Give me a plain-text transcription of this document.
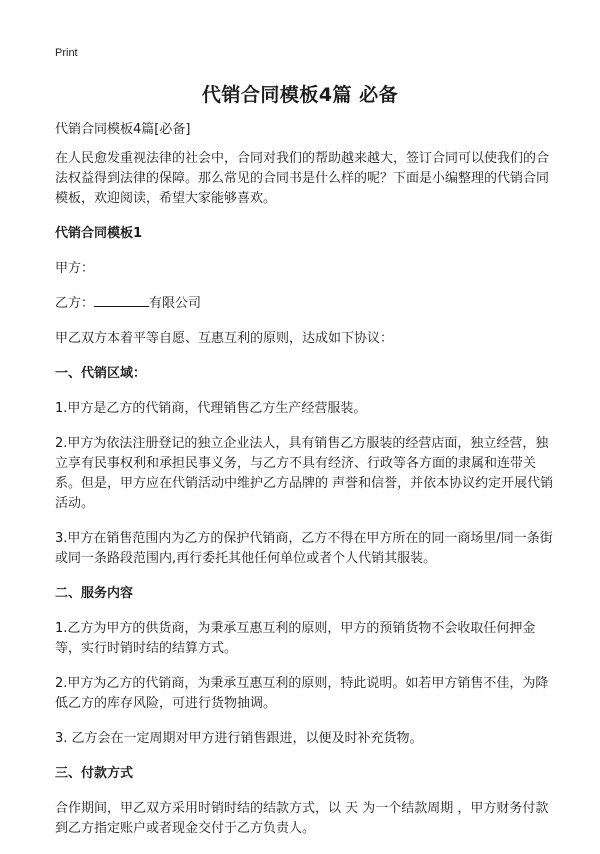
Print
代销合同模板4篇 必备

代销合同模板4篇[必备]

在人民愈发重视法律的社会中，合同对我们的帮助越来越大，签订合同可以使我们的合法权益得到法律的保障。那么常见的合同书是什么样的呢？下面是小编整理的代销合同模板，欢迎阅读，希望大家能够喜欢。

代销合同模板1

甲方：

乙方：	有限公司

甲乙双方本着平等自愿、互惠互利的原则，达成如下协议：

一、代销区域：

1.甲方是乙方的代销商，代理销售乙方生产经营服装。

2.甲方为依法注册登记的独立企业法人，具有销售乙方服装的经营店面，独立经营，独立享有民事权利和承担民事义务，与乙方不具有经济、行政等各方面的隶属和连带关系。但是，甲方应在代销活动中维护乙方品牌的 声誉和信誉，并依本协议约定开展代销活动。

3.甲方在销售范围内为乙方的保护代销商，乙方不得在甲方所在的同一商场里/同一条街或同一条路段范围内,再行委托其他任何单位或者个人代销其服装。

二、服务内容

1.乙方为甲方的供货商，为秉承互惠互利的原则，甲方的预销货物不会收取任何押金等，实行时销时结的结算方式。

2.甲方为乙方的代销商，为秉承互惠互利的原则，特此说明。如若甲方销售不佳，为降低乙方的库存风险，可进行货物抽调。

3. 乙方会在一定周期对甲方进行销售跟进，以便及时补充货物。

三、付款方式

合作期间，甲乙双方采用时销时结的结款方式，以 天 为一个结款周期 ，甲方财务付款到乙方指定账户或者现金交付于乙方负责人。
